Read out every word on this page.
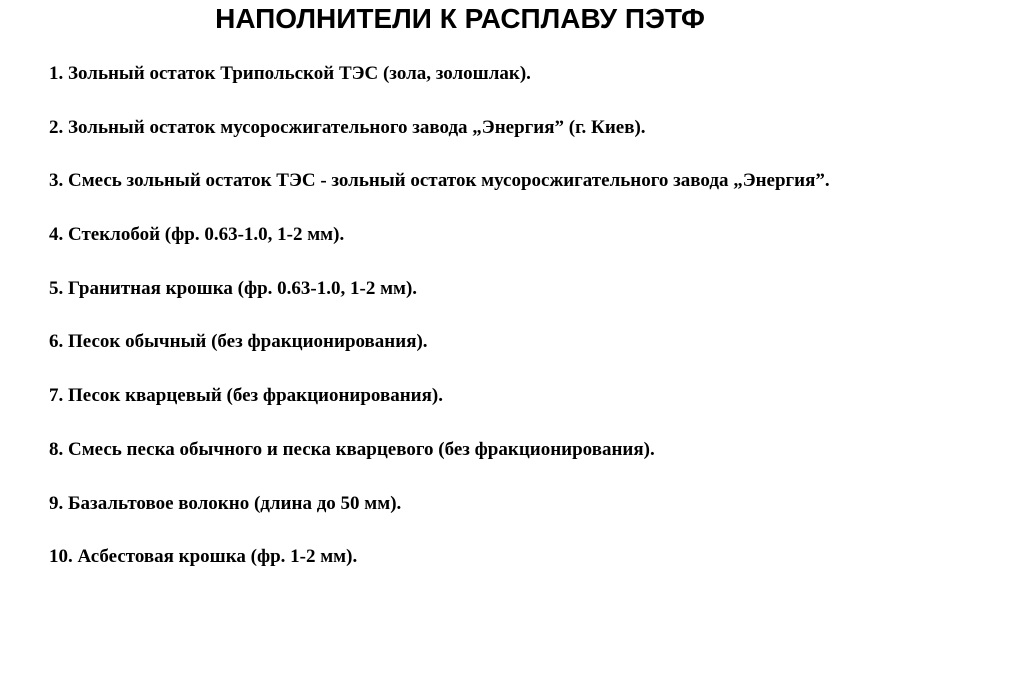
НАПОЛНИТЕЛИ К РАСПЛАВУ ПЭТФ
1. Зольный остаток Трипольской ТЭС (зола, золошлак).
2. Зольный остаток мусоросжигательного завода „Энергия” (г. Киев).
3. Смесь зольный остаток ТЭС - зольный остаток мусоросжигательного завода „Энергия”.
4. Стеклобой (фр. 0.63-1.0, 1-2 мм).
5. Гранитная крошка (фр. 0.63-1.0, 1-2 мм).
6. Песок обычный (без фракционирования).
7. Песок кварцевый (без фракционирования).
8. Смесь песка обычного и песка кварцевого (без фракционирования).
9. Базальтовое волокно (длина до 50 мм).
10. Асбестовая крошка (фр. 1-2 мм).
